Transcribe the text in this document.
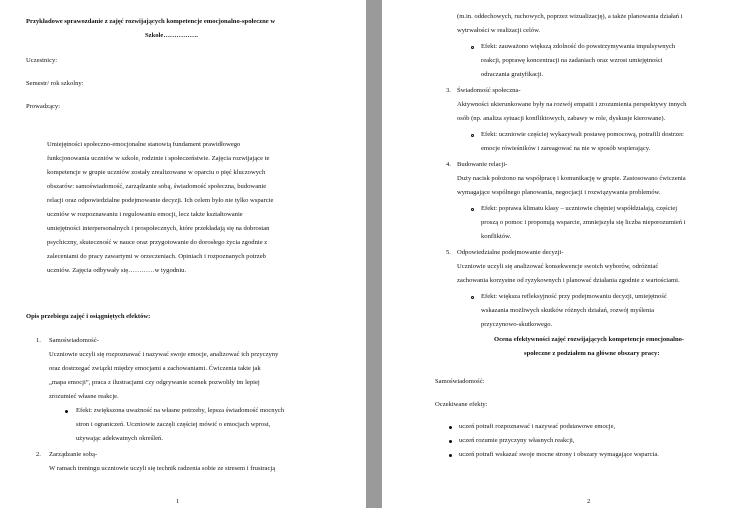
Przykładowe sprawozdanie z zajęć rozwijających kompetencje emocjonalno-społeczne w
Szkole…………….
Uczestnicy:
Semestr/ rok szkolny:
Prowadzący:
Umiejętności społeczno-emocjonalne stanowią fundament prawidłowego
funkcjonowania uczniów w szkole, rodzinie i społeczeństwie. Zajęcia rozwijające te
kompetencje w grupie uczniów zostały zrealizowane w oparciu o pięć kluczowych
obszarów: samoświadomość, zarządzanie sobą, świadomość społeczna, budowanie
relacji oraz odpowiedzialne podejmowanie decyzji. Ich celem było nie tylko wsparcie
uczniów w rozpoznawaniu i regulowaniu emocji, lecz także kształtowanie
umiejętności interpersonalnych i prospołecznych, które przekładają się na dobrostan
psychiczny, skuteczność w nauce oraz przygotowanie do dorosłego życia zgodnie z
zaleceniami do pracy zawartymi w orzeczeniach. Opiniach i rozpoznanych potrzeb
uczniów. Zajęcia odbywały się…………w tygodniu.
Opis przebiegu zajęć i osiągniętych efektów:
1. Samoświadomość-
Uczniowie uczyli się rozpoznawać i nazywać swoje emocje, analizować ich przyczyny
oraz dostrzegać związki między emocjami a zachowaniami. Ćwiczenia takie jak
„mapa emocji”, praca z ilustracjami czy odgrywanie scenek pozwoliły im lepiej
zrozumieć własne reakcje.
Efekt: zwiększona uważność na własne potrzeby, lepsza świadomość mocnych
stron i ograniczeń. Uczniowie zaczęli częściej mówić o emocjach wprost,
używając adekwatnych określeń.
2. Zarządzanie sobą-
W ramach treningu uczniowie uczyli się technik radzenia sobie ze stresem i frustracją
1
(m.in. oddechowych, ruchowych, poprzez wizualizację), a także planowania działań i
wytrwałości w realizacji celów.
Efekt: zauważono większą zdolność do powstrzymywania impulsywnych
reakcji, poprawę koncentracji na zadaniach oraz wzrost umiejętności
odraczania gratyfikacji.
3. Świadomość społeczna-
Aktywności ukierunkowane były na rozwój empatii i zrozumienia perspektywy innych
osób (np. analiza sytuacji konfliktowych, zabawy w role, dyskusje kierowane).
Efekt: uczniowie częściej wykazywali postawę pomocową, potrafili dostrzec
emocje rówieśników i zareagować na nie w sposób wspierający.
4. Budowanie relacji-
Duży nacisk położono na współpracę i komunikację w grupie. Zastosowano ćwiczenia
wymagające wspólnego planowania, negocjacji i rozwiązywania problemów.
Efekt: poprawa klimatu klasy – uczniowie chętniej współdziałają, częściej
proszą o pomoc i proponują wsparcie, zmniejszyła się liczba nieporozumień i
konfliktów.
5. Odpowiedzialne podejmowanie decyzji-
Uczniowie uczyli się analizować konsekwencje swoich wyborów, odróżniać
zachowania korzystne od ryzykownych i planować działania zgodnie z wartościami.
Efekt: większa refleksyjność przy podejmowaniu decyzji, umiejętność
wskazania możliwych skutków różnych działań, rozwój myślenia
przyczynowo-skutkowego.
Ocena efektywności zajęć rozwijających kompetencje emocjonalno-
społeczne z podziałem na główne obszary pracy:
Samoświadomość:
Oczekiwane efekty:
uczeń potrafi rozpoznawać i nazywać podstawowe emocje,
uczeń rozumie przyczyny własnych reakcji,
uczeń potrafi wskazać swoje mocne strony i obszary wymagające wsparcia.
2
